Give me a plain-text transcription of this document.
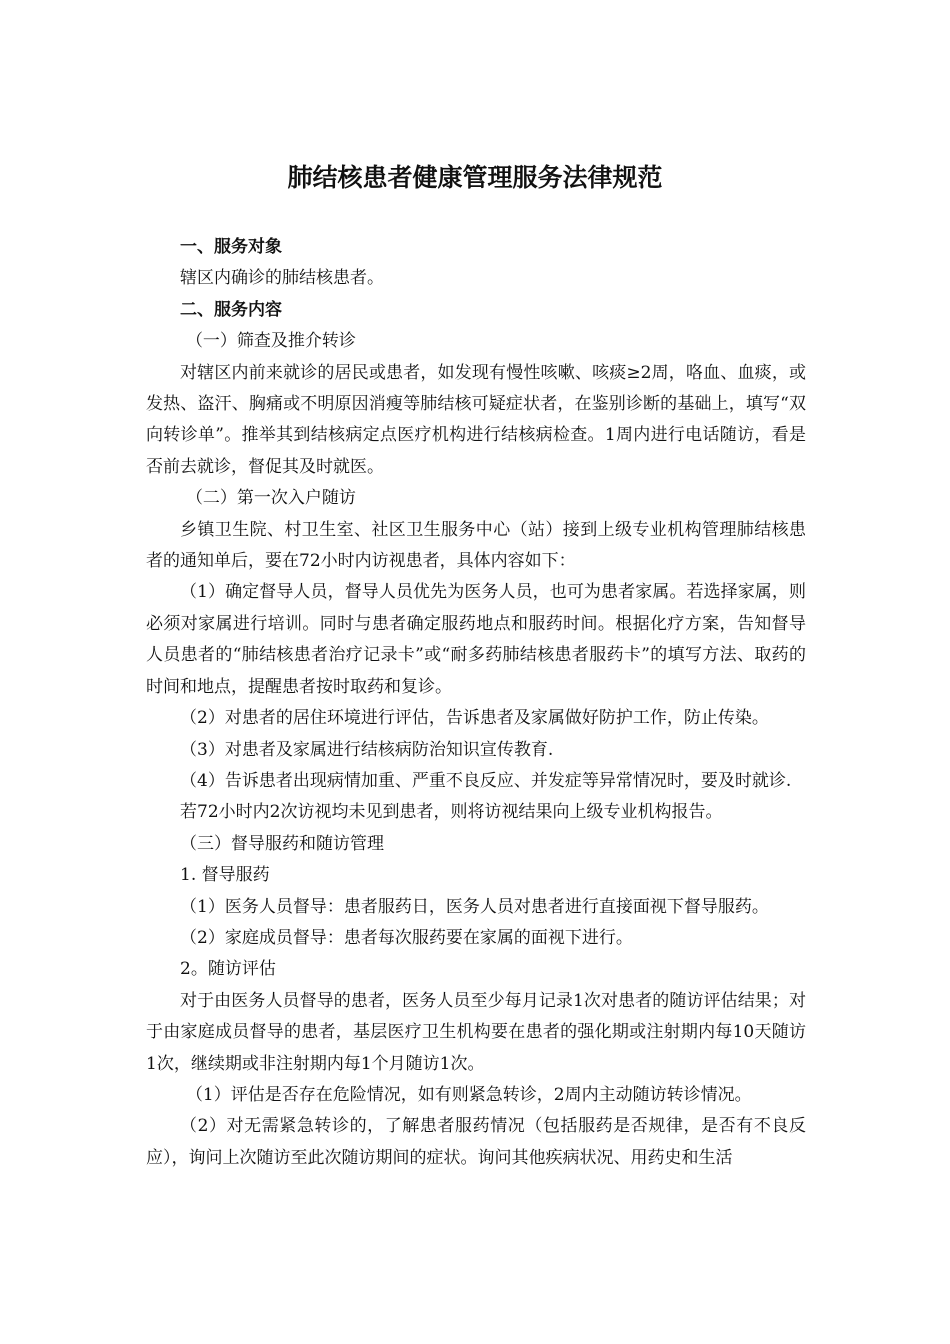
肺结核患者健康管理服务法律规范

一、服务对象

辖区内确诊的肺结核患者。

二、服务内容

（一）筛查及推介转诊

对辖区内前来就诊的居民或患者，如发现有慢性咳嗽、咳痰≥2周，咯血、血痰，或发热、盗汗、胸痛或不明原因消瘦等肺结核可疑症状者，在鉴别诊断的基础上，填写“双向转诊单”。推举其到结核病定点医疗机构进行结核病检查。1周内进行电话随访，看是否前去就诊，督促其及时就医。

（二）第一次入户随访

乡镇卫生院、村卫生室、社区卫生服务中心（站）接到上级专业机构管理肺结核患者的通知单后，要在72小时内访视患者，具体内容如下：

（1）确定督导人员，督导人员优先为医务人员，也可为患者家属。若选择家属，则必须对家属进行培训。同时与患者确定服药地点和服药时间。根据化疗方案，告知督导人员患者的“肺结核患者治疗记录卡”或“耐多药肺结核患者服药卡”的填写方法、取药的时间和地点，提醒患者按时取药和复诊。

（2）对患者的居住环境进行评估，告诉患者及家属做好防护工作，防止传染。

（3）对患者及家属进行结核病防治知识宣传教育.

（4）告诉患者出现病情加重、严重不良反应、并发症等异常情况时，要及时就诊.

若72小时内2次访视均未见到患者，则将访视结果向上级专业机构报告。

（三）督导服药和随访管理

1. 督导服药

（1）医务人员督导：患者服药日，医务人员对患者进行直接面视下督导服药。

（2）家庭成员督导：患者每次服药要在家属的面视下进行。

2。随访评估

对于由医务人员督导的患者，医务人员至少每月记录1次对患者的随访评估结果；对于由家庭成员督导的患者，基层医疗卫生机构要在患者的强化期或注射期内每10天随访1次，继续期或非注射期内每1个月随访1次。

（1）评估是否存在危险情况，如有则紧急转诊，2周内主动随访转诊情况。

（2）对无需紧急转诊的，了解患者服药情况（包括服药是否规律，是否有不良反应），询问上次随访至此次随访期间的症状。询问其他疾病状况、用药史和生活
